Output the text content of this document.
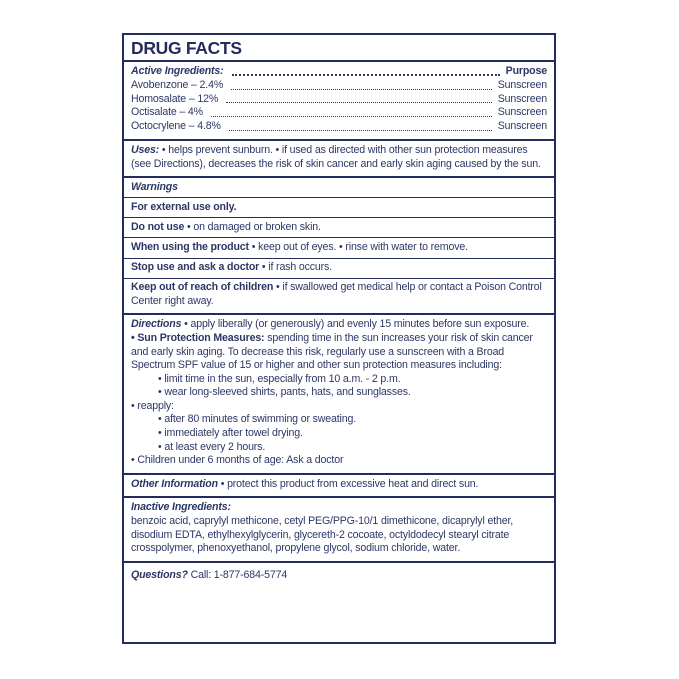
DRUG FACTS
Active Ingredients:	Purpose
Avobenzone – 2.4%	Sunscreen
Homosalate – 12%	Sunscreen
Octisalate – 4%	Sunscreen
Octocrylene – 4.8%	Sunscreen
Uses: • helps prevent sunburn. • if used as directed with other sun protection measures (see Directions), decreases the risk of skin cancer and early skin aging caused by the sun.
Warnings
For external use only.
Do not use • on damaged or broken skin.
When using the product • keep out of eyes. • rinse with water to remove.
Stop use and ask a doctor • if rash occurs.
Keep out of reach of children • if swallowed get medical help or contact a Poison Control Center right away.
Directions • apply liberally (or generously) and evenly 15 minutes before sun exposure.
• Sun Protection Measures: spending time in the sun increases your risk of skin cancer and early skin aging. To decrease this risk, regularly use a sunscreen with a Broad Spectrum SPF value of 15 or higher and other sun protection measures including:
• limit time in the sun, especially from 10 a.m. - 2 p.m.
• wear long-sleeved shirts, pants, hats, and sunglasses.
• reapply:
• after 80 minutes of swimming or sweating.
• immediately after towel drying.
• at least every 2 hours.
• Children under 6 months of age: Ask a doctor
Other Information • protect this product from excessive heat and direct sun.
Inactive Ingredients:
benzoic acid, caprylyl methicone, cetyl PEG/PPG-10/1 dimethicone, dicaprylyl ether, disodium EDTA, ethylhexylglycerin, glycereth-2 cocoate, octyldodecyl stearyl citrate crosspolymer, phenoxyethanol, propylene glycol, sodium chloride, water.
Questions? Call: 1-877-684-5774
